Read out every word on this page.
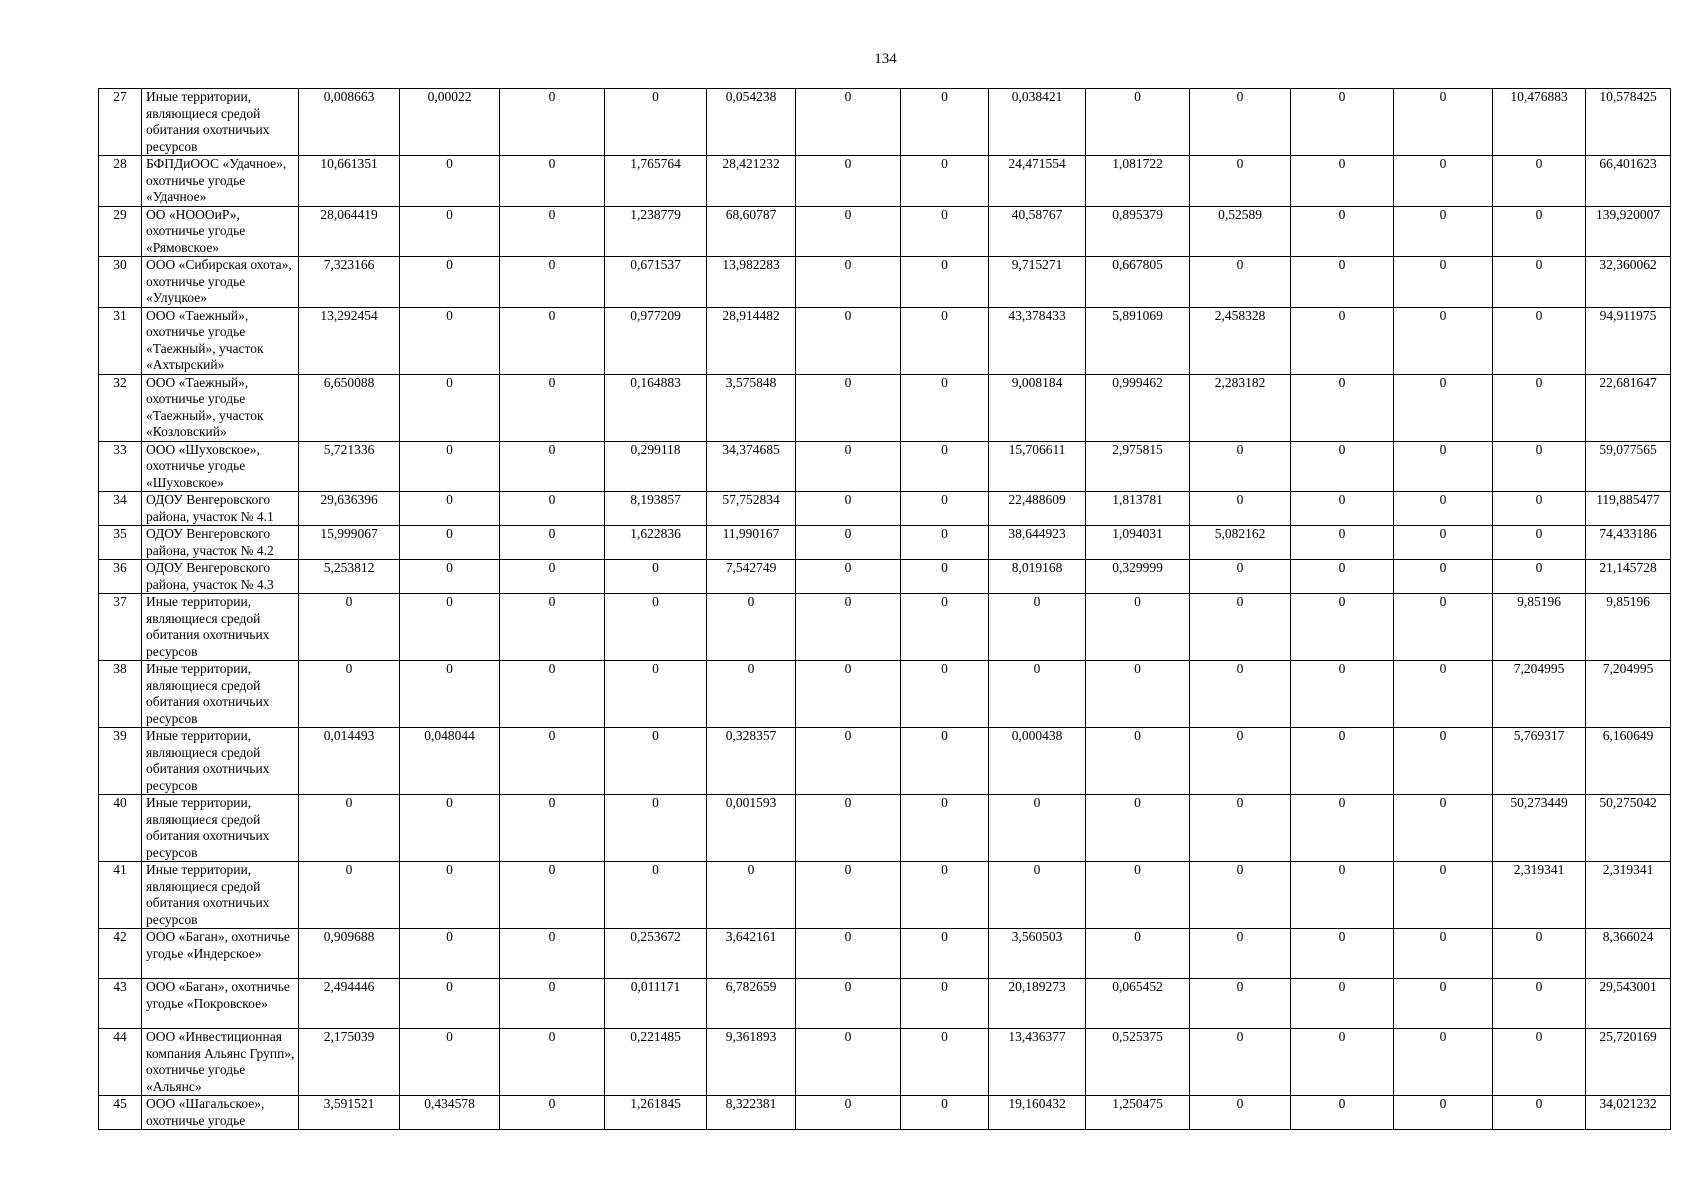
134
27	Иные территории, являющиеся средой обитания охотничьих ресурсов	0,008663	0,00022	0	0	0,054238	0	0	0,038421	0	0	0	0	10,476883	10,578425
28	БФПДиООС «Удачное», охотничье угодье «Удачное»	10,661351	0	0	1,765764	28,421232	0	0	24,471554	1,081722	0	0	0	0	66,401623
29	ОО «НОООиР», охотничье угодье «Рямовское»	28,064419	0	0	1,238779	68,60787	0	0	40,58767	0,895379	0,52589	0	0	0	139,920007
30	ООО «Сибирская охота», охотничье угодье «Улуцкое»	7,323166	0	0	0,671537	13,982283	0	0	9,715271	0,667805	0	0	0	0	32,360062
31	ООО «Таежный», охотничье угодье «Таежный», участок «Ахтырский»	13,292454	0	0	0,977209	28,914482	0	0	43,378433	5,891069	2,458328	0	0	0	94,911975
32	ООО «Таежный», охотничье угодье «Таежный», участок «Козловский»	6,650088	0	0	0,164883	3,575848	0	0	9,008184	0,999462	2,283182	0	0	0	22,681647
33	ООО «Шуховское», охотничье угодье «Шуховское»	5,721336	0	0	0,299118	34,374685	0	0	15,706611	2,975815	0	0	0	0	59,077565
34	ОДОУ Венгеровского района, участок № 4.1	29,636396	0	0	8,193857	57,752834	0	0	22,488609	1,813781	0	0	0	0	119,885477
35	ОДОУ Венгеровского района, участок № 4.2	15,999067	0	0	1,622836	11,990167	0	0	38,644923	1,094031	5,082162	0	0	0	74,433186
36	ОДОУ Венгеровского района, участок № 4.3	5,253812	0	0	0	7,542749	0	0	8,019168	0,329999	0	0	0	0	21,145728
37	Иные территории, являющиеся средой обитания охотничьих ресурсов	0	0	0	0	0	0	0	0	0	0	0	0	9,85196	9,85196
38	Иные территории, являющиеся средой обитания охотничьих ресурсов	0	0	0	0	0	0	0	0	0	0	0	0	7,204995	7,204995
39	Иные территории, являющиеся средой обитания охотничьих ресурсов	0,014493	0,048044	0	0	0,328357	0	0	0,000438	0	0	0	0	5,769317	6,160649
40	Иные территории, являющиеся средой обитания охотничьих ресурсов	0	0	0	0	0,001593	0	0	0	0	0	0	0	50,273449	50,275042
41	Иные территории, являющиеся средой обитания охотничьих ресурсов	0	0	0	0	0	0	0	0	0	0	0	0	2,319341	2,319341
42	ООО «Баган», охотничье угодье «Индерское»	0,909688	0	0	0,253672	3,642161	0	0	3,560503	0	0	0	0	0	8,366024
43	ООО «Баган», охотничье угодье «Покровское»	2,494446	0	0	0,011171	6,782659	0	0	20,189273	0,065452	0	0	0	0	29,543001
44	ООО «Инвестиционная компания Альянс Групп», охотничье угодье «Альянс»	2,175039	0	0	0,221485	9,361893	0	0	13,436377	0,525375	0	0	0	0	25,720169
45	ООО «Шагальское», охотничье угодье	3,591521	0,434578	0	1,261845	8,322381	0	0	19,160432	1,250475	0	0	0	0	34,021232
